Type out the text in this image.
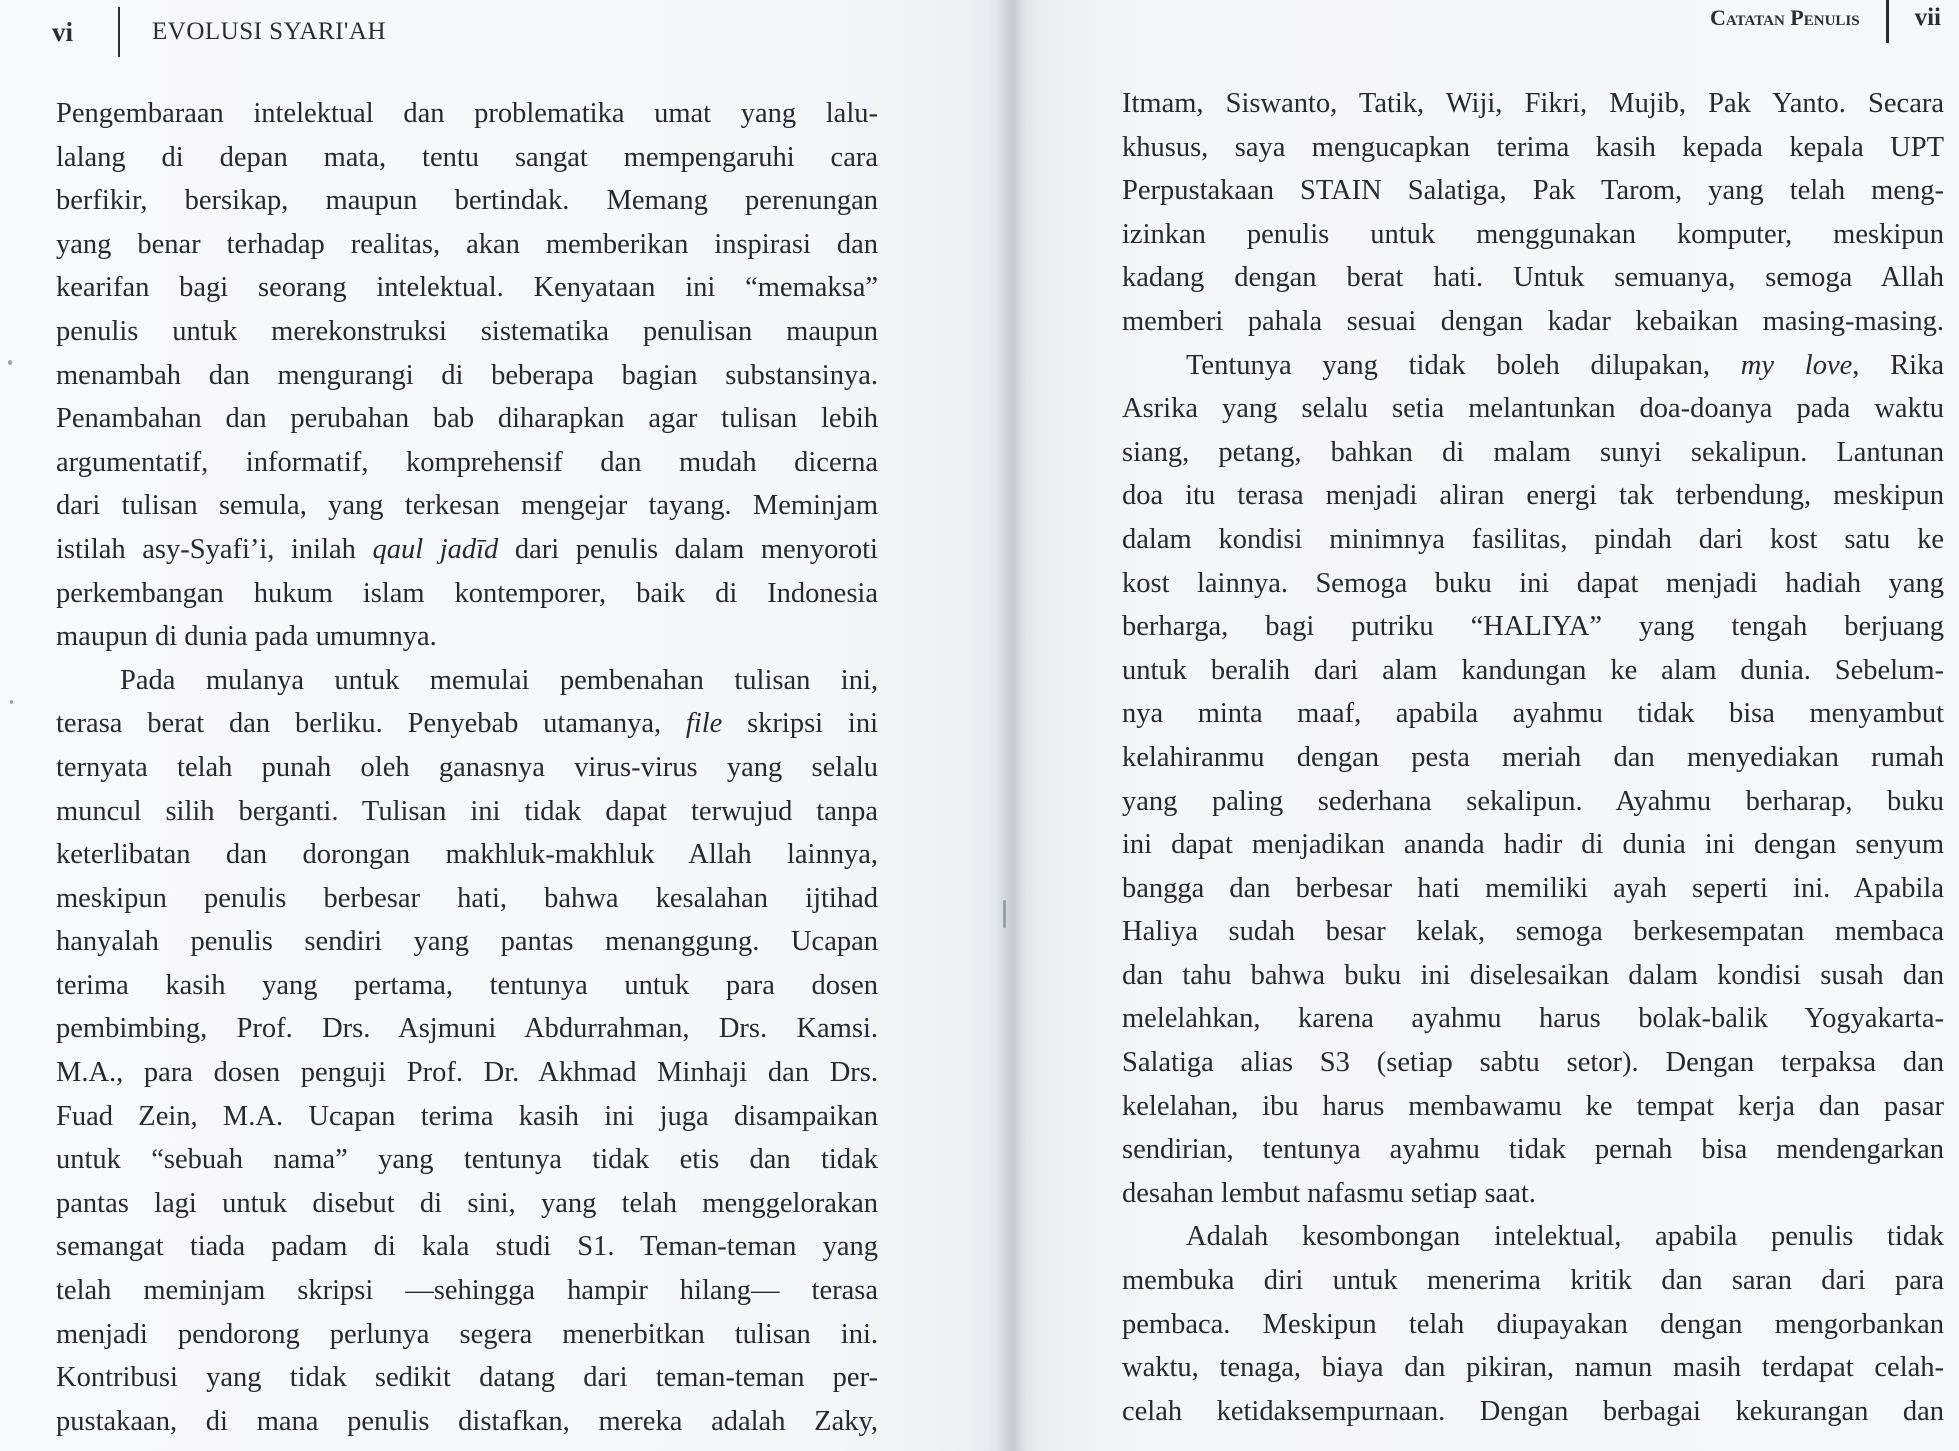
vi	EVOLUSI SYARI'AH
Pengembaraan intelektual dan problematika umat yang lalu-
lalang di depan mata, tentu sangat mempengaruhi cara
berfikir, bersikap, maupun bertindak. Memang perenungan
yang benar terhadap realitas, akan memberikan inspirasi dan
kearifan bagi seorang intelektual. Kenyataan ini “memaksa”
penulis untuk merekonstruksi sistematika penulisan maupun
menambah dan mengurangi di beberapa bagian substansinya.
Penambahan dan perubahan bab diharapkan agar tulisan lebih
argumentatif, informatif, komprehensif dan mudah dicerna
dari tulisan semula, yang terkesan mengejar tayang. Meminjam
istilah asy-Syafi’i, inilah qaul jadīd dari penulis dalam menyoroti
perkembangan hukum islam kontemporer, baik di Indonesia
maupun di dunia pada umumnya.
Pada mulanya untuk memulai pembenahan tulisan ini,
terasa berat dan berliku. Penyebab utamanya, file skripsi ini
ternyata telah punah oleh ganasnya virus-virus yang selalu
muncul silih berganti. Tulisan ini tidak dapat terwujud tanpa
keterlibatan dan dorongan makhluk-makhluk Allah lainnya,
meskipun penulis berbesar hati, bahwa kesalahan ijtihad
hanyalah penulis sendiri yang pantas menanggung. Ucapan
terima kasih yang pertama, tentunya untuk para dosen
pembimbing, Prof. Drs. Asjmuni Abdurrahman, Drs. Kamsi.
M.A., para dosen penguji Prof. Dr. Akhmad Minhaji dan Drs.
Fuad Zein, M.A. Ucapan terima kasih ini juga disampaikan
untuk “sebuah nama” yang tentunya tidak etis dan tidak
pantas lagi untuk disebut di sini, yang telah menggelorakan
semangat tiada padam di kala studi S1. Teman-teman yang
telah meminjam skripsi —sehingga hampir hilang— terasa
menjadi pendorong perlunya segera menerbitkan tulisan ini.
Kontribusi yang tidak sedikit datang dari teman-teman per-
pustakaan, di mana penulis distafkan, mereka adalah Zaky,
Catatan Penulis vii
Itmam, Siswanto, Tatik, Wiji, Fikri, Mujib, Pak Yanto. Secara
khusus, saya mengucapkan terima kasih kepada kepala UPT
Perpustakaan STAIN Salatiga, Pak Tarom, yang telah meng-
izinkan penulis untuk menggunakan komputer, meskipun
kadang dengan berat hati. Untuk semuanya, semoga Allah
memberi pahala sesuai dengan kadar kebaikan masing-masing.
Tentunya yang tidak boleh dilupakan, my love, Rika
Asrika yang selalu setia melantunkan doa-doanya pada waktu
siang, petang, bahkan di malam sunyi sekalipun. Lantunan
doa itu terasa menjadi aliran energi tak terbendung, meskipun
dalam kondisi minimnya fasilitas, pindah dari kost satu ke
kost lainnya. Semoga buku ini dapat menjadi hadiah yang
berharga, bagi putriku “HALIYA” yang tengah berjuang
untuk beralih dari alam kandungan ke alam dunia. Sebelum-
nya minta maaf, apabila ayahmu tidak bisa menyambut
kelahiranmu dengan pesta meriah dan menyediakan rumah
yang paling sederhana sekalipun. Ayahmu berharap, buku
ini dapat menjadikan ananda hadir di dunia ini dengan senyum
bangga dan berbesar hati memiliki ayah seperti ini. Apabila
Haliya sudah besar kelak, semoga berkesempatan membaca
dan tahu bahwa buku ini diselesaikan dalam kondisi susah dan
melelahkan, karena ayahmu harus bolak-balik Yogyakarta-
Salatiga alias S3 (setiap sabtu setor). Dengan terpaksa dan
kelelahan, ibu harus membawamu ke tempat kerja dan pasar
sendirian, tentunya ayahmu tidak pernah bisa mendengarkan
desahan lembut nafasmu setiap saat.
Adalah kesombongan intelektual, apabila penulis tidak
membuka diri untuk menerima kritik dan saran dari para
pembaca. Meskipun telah diupayakan dengan mengorbankan
waktu, tenaga, biaya dan pikiran, namun masih terdapat celah-
celah ketidaksempurnaan. Dengan berbagai kekurangan dan
